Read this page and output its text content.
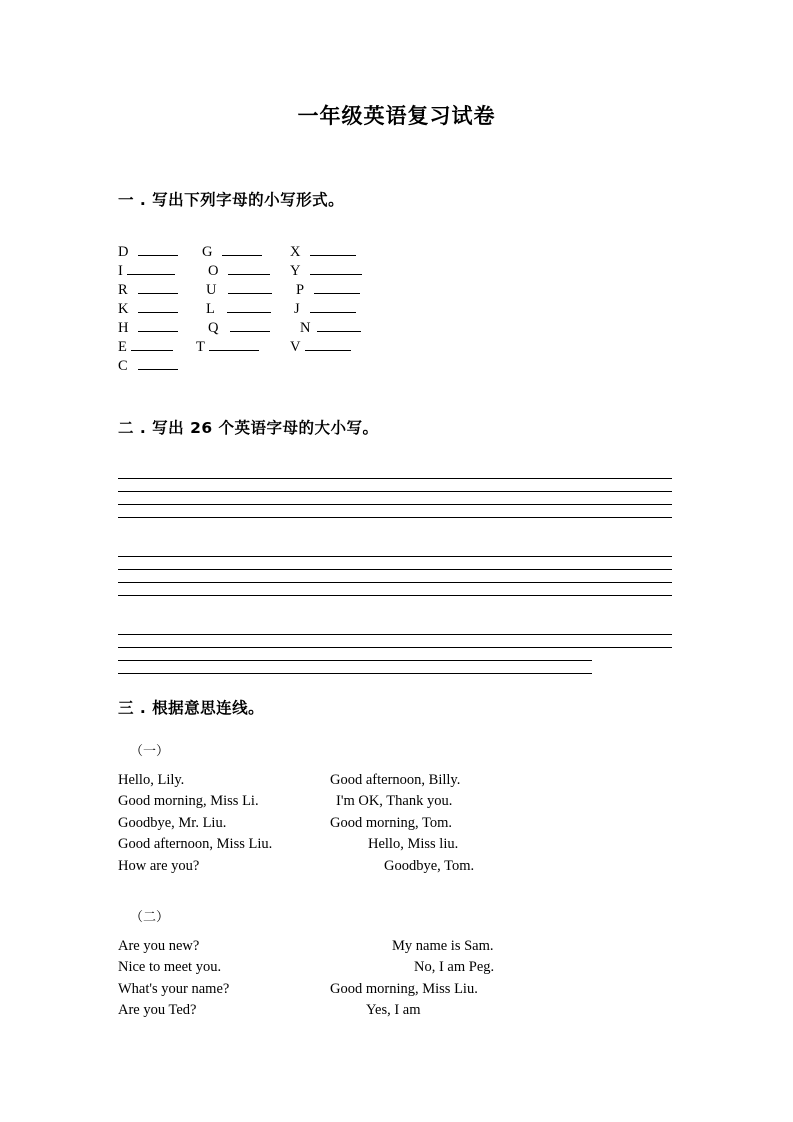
一年级英语复习试卷
一 . 写出下列字母的小写形式。
D	G	X
I	O	Y
R	U	P
K	L	J
H	Q	N
E	T	V
C
二 . 写出 26 个英语字母的大小写。
三 . 根据意思连线。
（一）
Hello, Lily.	Good afternoon, Billy.
Good morning, Miss Li.	I'm OK, Thank you.
Goodbye, Mr. Liu.	Good morning, Tom.
Good afternoon, Miss Liu.	Hello, Miss liu.
How are you?	Goodbye, Tom.
（二）
Are you new?	My name is Sam.
Nice to meet you.	No, I am Peg.
What's your name?	Good morning, Miss Liu.
Are you Ted?	Yes, I am
